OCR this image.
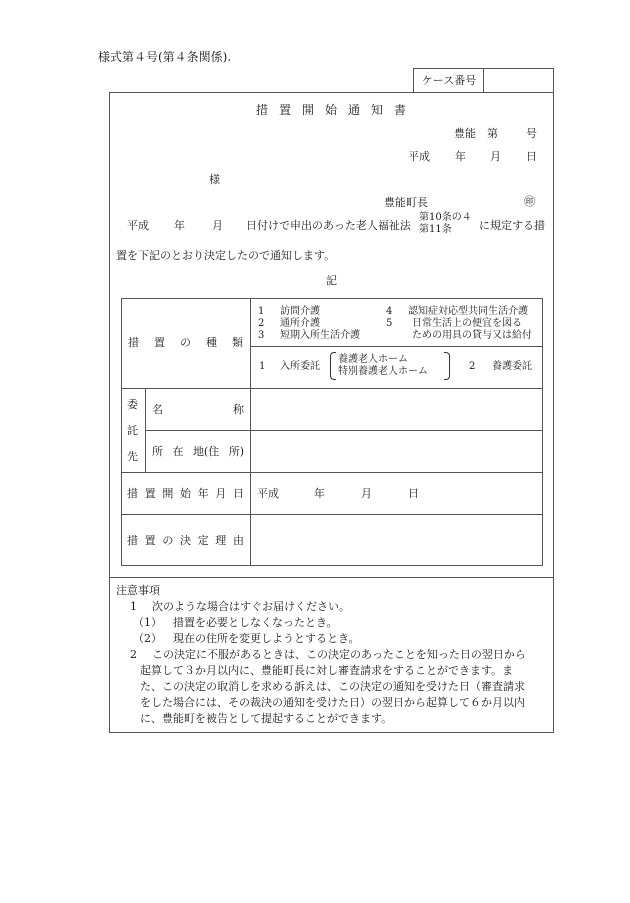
様式第４号(第４条関係).
ケース番号
措 置 開 始 通 知 書
豊能 第	号
平成 年 月 日
様
豊能町長	㊞
平成 年 月 日付けで申出のあった老人福祉法
第10条の４
第11条 に規定する措
置を下記のとおり決定したので通知します。
記
措 置 の 種 類
1 訪問介護
2 通所介護
3 短期入所生活介護
4 認知症対応型共同生活介護
5 日常生活上の便宜を図る
ための用具の貸与又は給付
1 入所委託
養護老人ホーム
特別養護老人ホーム	2 養護委託
委
託
先
名	称
所 在 地(住 所)
措 置 開 始 年 月 日 平成	年	月	日
措 置 の 決 定 理 由
注意事項
1 次のような場合はすぐお届けください。
（1） 措置を必要としなくなったとき。
（2） 現在の住所を変更しようとするとき。
2 この決定に不服があるときは、この決定のあったことを知った日の翌日から
起算して３か月以内に、豊能町長に対し審査請求をすることができます。ま
た、この決定の取消しを求める訴えは、この決定の通知を受けた日（審査請求
をした場合には、その裁決の通知を受けた日）の翌日から起算して６か月以内
に、豊能町を被告として提起することができます。
